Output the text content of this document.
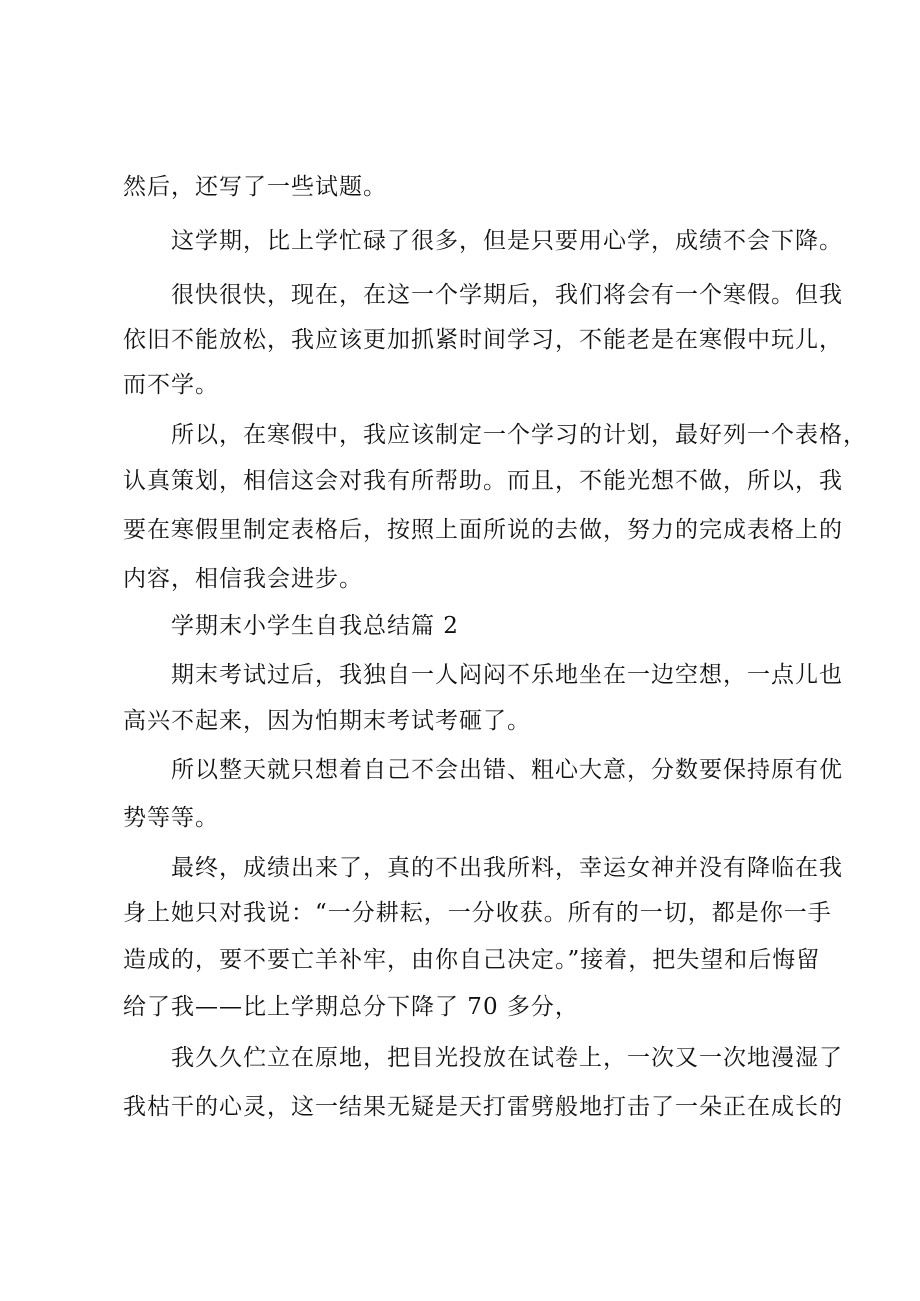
然后，还写了一些试题。
这学期，比上学忙碌了很多，但是只要用心学，成绩不会下降。
很快很快，现在，在这一个学期后，我们将会有一个寒假。但我
依旧不能放松，我应该更加抓紧时间学习，不能老是在寒假中玩儿，
而不学。
所以，在寒假中，我应该制定一个学习的计划，最好列一个表格，
认真策划，相信这会对我有所帮助。而且，不能光想不做，所以，我
要在寒假里制定表格后，按照上面所说的去做，努力的完成表格上的
内容，相信我会进步。
学期末小学生自我总结篇 2
期末考试过后，我独自一人闷闷不乐地坐在一边空想，一点儿也
高兴不起来，因为怕期末考试考砸了。
所以整天就只想着自己不会出错、粗心大意，分数要保持原有优
势等等。
最终，成绩出来了，真的不出我所料，幸运女神并没有降临在我
身上她只对我说：“一分耕耘，一分收获。所有的一切，都是你一手
造成的，要不要亡羊补牢，由你自己决定。”接着，把失望和后悔留
给了我——比上学期总分下降了 70 多分，
我久久伫立在原地，把目光投放在试卷上，一次又一次地漫湿了
我枯干的心灵，这一结果无疑是天打雷劈般地打击了一朵正在成长的
